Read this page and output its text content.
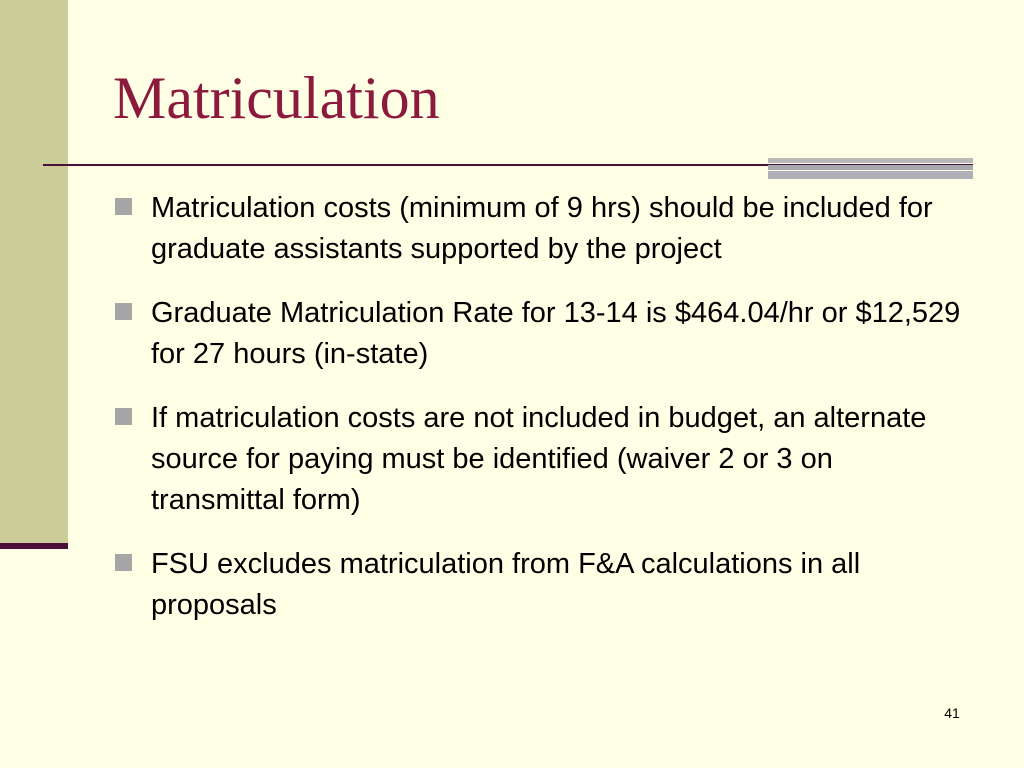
Matriculation
Matriculation costs (minimum of 9 hrs) should be included for graduate assistants supported by the project
Graduate Matriculation Rate for 13-14 is $464.04/hr or $12,529 for 27 hours (in-state)
If matriculation costs are not included in budget, an alternate source for paying must be identified (waiver 2 or 3 on transmittal form)
FSU excludes matriculation from F&A calculations in all proposals
41
